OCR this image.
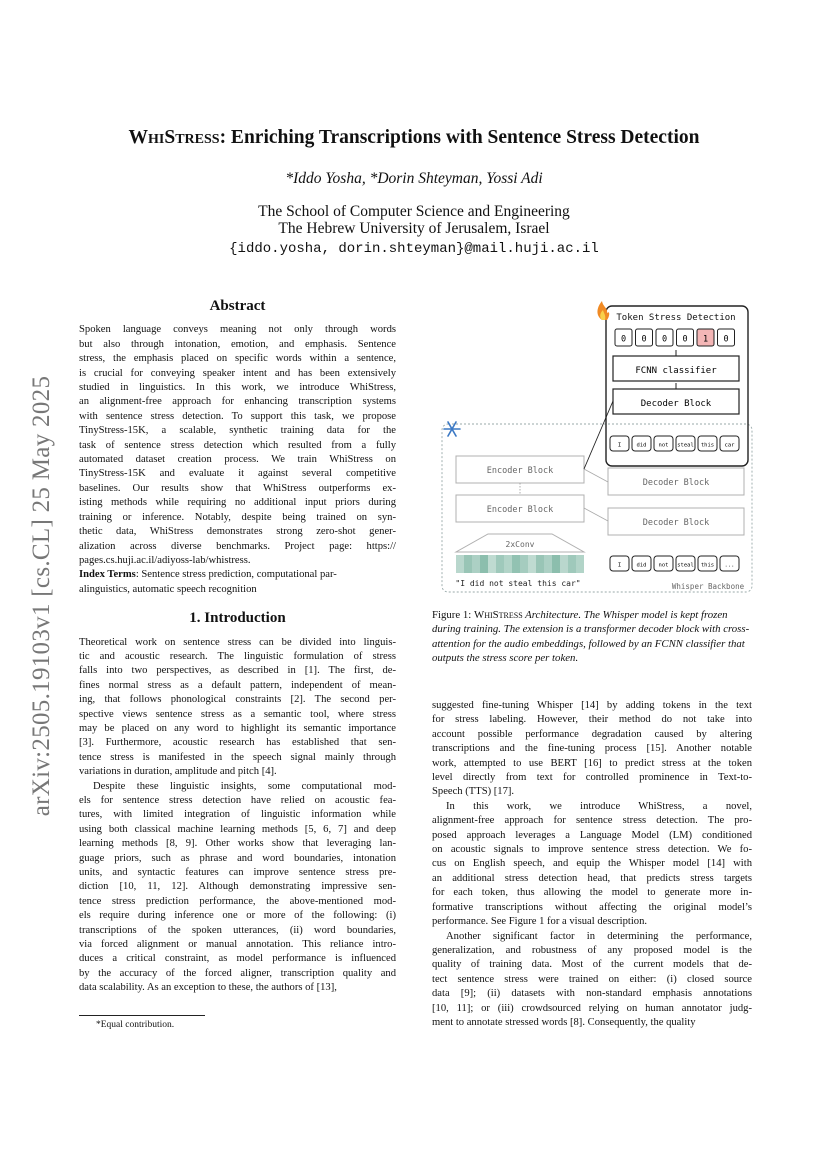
arXiv:2505.19103v1 [cs.CL] 25 May 2025
WhiStress: Enriching Transcriptions with Sentence Stress Detection
*Iddo Yosha, *Dorin Shteyman, Yossi Adi
The School of Computer Science and Engineering
The Hebrew University of Jerusalem, Israel
{iddo.yosha, dorin.shteyman}@mail.huji.ac.il
Abstract
Spoken language conveys meaning not only through words
but also through intonation, emotion, and emphasis. Sentence
stress, the emphasis placed on specific words within a sentence,
is crucial for conveying speaker intent and has been extensively
studied in linguistics. In this work, we introduce WhiStress,
an alignment-free approach for enhancing transcription systems
with sentence stress detection. To support this task, we propose
TinyStress-15K, a scalable, synthetic training data for the
task of sentence stress detection which resulted from a fully
automated dataset creation process. We train WhiStress on
TinyStress-15K and evaluate it against several competitive
baselines. Our results show that WhiStress outperforms ex-
isting methods while requiring no additional input priors during
training or inference. Notably, despite being trained on syn-
thetic data, WhiStress demonstrates strong zero-shot gener-
alization across diverse benchmarks. Project page: https://
pages.cs.huji.ac.il/adiyoss-lab/whistress.

Index Terms: Sentence stress prediction, computational par-

alinguistics, automatic speech recognition

1. Introduction
Theoretical work on sentence stress can be divided into linguis-
tic and acoustic research. The linguistic formulation of stress
falls into two perspectives, as described in [1]. The first, de-
fines normal stress as a default pattern, independent of mean-
ing, that follows phonological constraints [2]. The second per-
spective views sentence stress as a semantic tool, where stress
may be placed on any word to highlight its semantic importance
[3]. Furthermore, acoustic research has established that sen-
tence stress is manifested in the speech signal mainly through
variations in duration, amplitude and pitch [4].
Despite these linguistic insights, some computational mod-
els for sentence stress detection have relied on acoustic fea-
tures, with limited integration of linguistic information while
using both classical machine learning methods [5, 6, 7] and deep
learning methods [8, 9]. Other works show that leveraging lan-
guage priors, such as phrase and word boundaries, intonation
units, and syntactic features can improve sentence stress pre-
diction [10, 11, 12]. Although demonstrating impressive sen-
tence stress prediction performance, the above-mentioned mod-
els require during inference one or more of the following: (i)
transcriptions of the spoken utterances, (ii) word boundaries,
via forced alignment or manual annotation. This reliance intro-
duces a critical constraint, as model performance is influenced
by the accuracy of the forced aligner, transcription quality and
data scalability. As an exception to these, the authors of [13],
*Equal contribution.
Token Stress Detection
0 0 0 0 1 0
FCNN classifier
Decoder Block
I	did not steal this car
Encoder Block
Encoder Block
Decoder Block
Decoder Block
2xConv
"I did not steal this car"
I	did not steal this ...
Whisper Backbone
Figure 1: WhiStress Architecture. The Whisper model is kept frozen during training. The extension is a transformer decoder block with cross-attention for the audio embeddings, followed by an FCNN classifier that outputs the stress score per token.
suggested fine-tuning Whisper [14] by adding tokens in the text
for stress labeling. However, their method do not take into
account possible performance degradation caused by altering
transcriptions and the fine-tuning process [15]. Another notable
work, attempted to use BERT [16] to predict stress at the token
level directly from text for controlled prominence in Text-to-
Speech (TTS) [17].
In this work, we introduce WhiStress, a novel,
alignment-free approach for sentence stress detection. The pro-
posed approach leverages a Language Model (LM) conditioned
on acoustic signals to improve sentence stress detection. We fo-
cus on English speech, and equip the Whisper model [14] with
an additional stress detection head, that predicts stress targets
for each token, thus allowing the model to generate more in-
formative transcriptions without affecting the original model’s
performance. See Figure 1 for a visual description.
Another significant factor in determining the performance,
generalization, and robustness of any proposed model is the
quality of training data. Most of the current models that de-
tect sentence stress were trained on either: (i) closed source
data [9]; (ii) datasets with non-standard emphasis annotations
[10, 11]; or (iii) crowdsourced relying on human annotator judg-
ment to annotate stressed words [8]. Consequently, the quality
